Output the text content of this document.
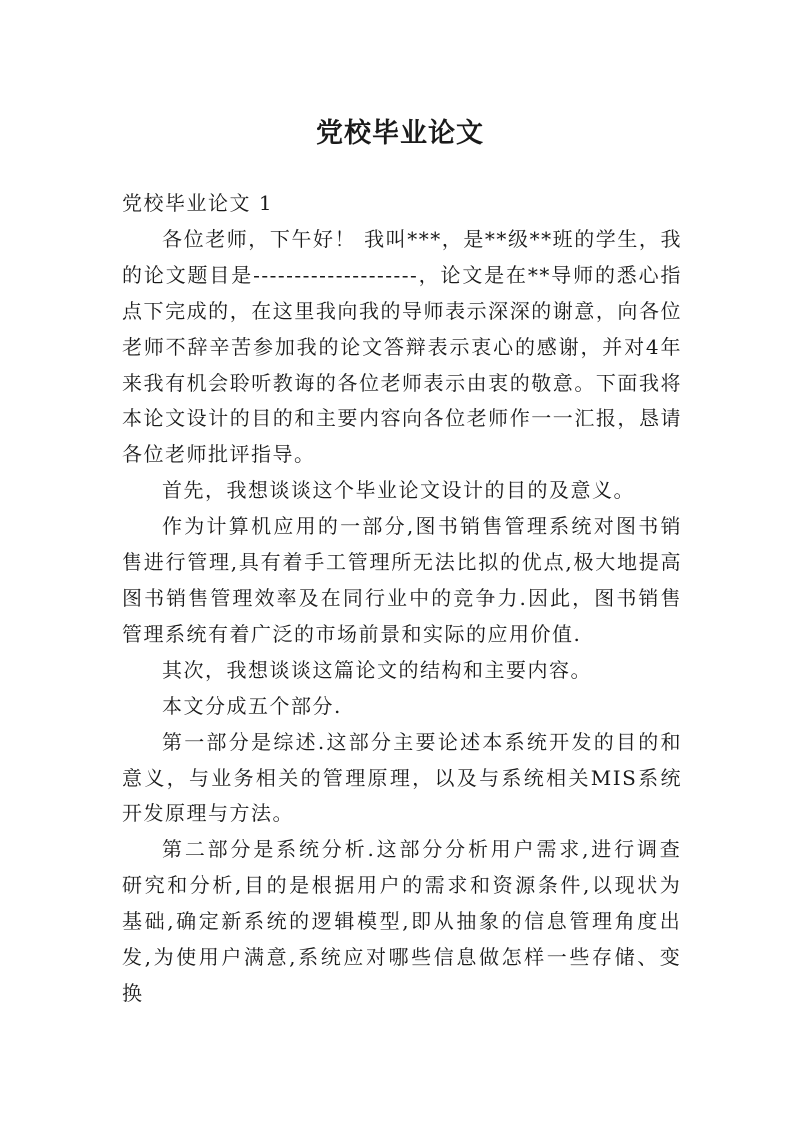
党校毕业论文

党校毕业论文 1

各位老师，下午好！ 我叫***，是**级**班的学生，我的论文题目是--------------------，论文是在**导师的悉心指点下完成的，在这里我向我的导师表示深深的谢意，向各位老师不辞辛苦参加我的论文答辩表示衷心的感谢，并对4年来我有机会聆听教诲的各位老师表示由衷的敬意。下面我将本论文设计的目的和主要内容向各位老师作一一汇报，恳请各位老师批评指导。

首先，我想谈谈这个毕业论文设计的目的及意义。

作为计算机应用的一部分,图书销售管理系统对图书销售进行管理,具有着手工管理所无法比拟的优点,极大地提高图书销售管理效率及在同行业中的竞争力.因此，图书销售管理系统有着广泛的市场前景和实际的应用价值.

其次，我想谈谈这篇论文的结构和主要内容。

本文分成五个部分.

第一部分是综述.这部分主要论述本系统开发的目的和意义，与业务相关的管理原理，以及与系统相关MIS系统开发原理与方法。

第二部分是系统分析.这部分分析用户需求,进行调查研究和分析,目的是根据用户的需求和资源条件,以现状为基础,确定新系统的逻辑模型,即从抽象的信息管理角度出发,为使用户满意,系统应对哪些信息做怎样一些存储、变换
